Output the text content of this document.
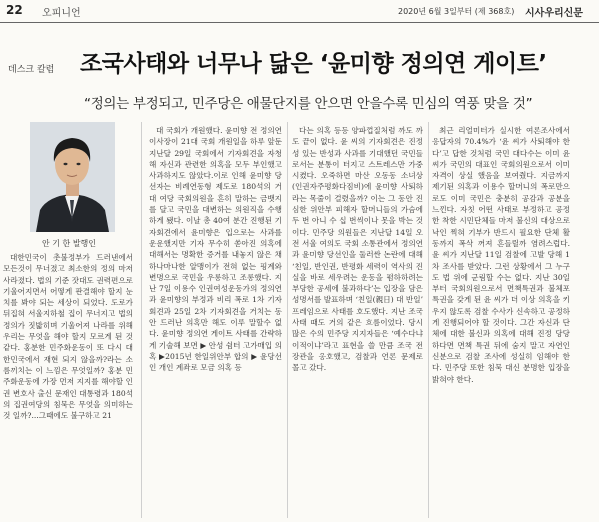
22 오피니언	2020년 6월 3일부터 (제 368호) 시사우리신문
데스크 칼럼 조국사태와 너무나 닮은 ‘윤미향 정의연 게이트’
“정의는 부정되고, 민주당은 애물단지를 안으면 안을수록 민심의 역풍 맞을 것”
안 기 한 발행인

대한민국이 촛불정부가 드러낸에서 모든것이 무너졌고 최소한의 정의 마저 사라졌다. 법의 기준 잣대도 권력편으로 기울어지면서 어떻게 판결해야 할지 눈치를 봐야 되는 세상이 되었다. 도로가 뒤집혀 서울지하철 집이 무너지고 법의 정의가 짓밟히며 기울어져 나라를 위해 우리는 무엇을 해야 할지 모르게 된 것 같다. 홍분한 민주화운동이 또 다시 대한민국에서 재현 되지 않을까?라는 소름끼치는 이 느낌은 무엇일까? 홍분 민주화운동에 가장 먼저 지지를 해야할 인권 변호사 출신 문재인 대통령과 180석의 집권여당의 침묵은 무엇을 의미하는 것 일까?...그때에도 불구하고 21

대 국회가 개원했다. 윤미향 전 정의연 이사장이 21대 국회 개원일을 하루 앞둔 지난달 29일 국회에서 기자회견을 자청해 자신과 관련한 의혹을 모두 부인했고 사과하지도 않았다.이로 인해 윤미향 당선자는 비례연동형 제도로 180석의 거대 여당 국회의원을 흔히 말하는 금뱃지를 달고 국민을 대변하는 의원직을 수행하게 됐다. 이날 총 40여 분간 진행된 기자회견에서 윤미향은 입으로는 사과를 운운했지만 기자 무수히 쏟아진 의혹에 대해서는 명확한 증거를 내놓지 않은 채 하나마나한 알맹이가 전혀 없는 핑계와 변명으로 국민을 우롱하고 조롱했다. 지난 7일 이용수 인권여성운동가의 정의연과 윤미향의 부정과 비리 폭로 1차 기자회견과 25일 2차 기자회견을 거치는 동안 드러난 의혹만 해도 이루 말할수 없다. 윤미향 정의연 게이트 사태를 간략하게 기술해 보면 ▶ 안성 쉼터 고가매입 의혹 ▶2015년 한일위안부 합의 ▶ 윤당선인 개인 계좌로 모금 의혹 등

다는 의혹 등등 양파껍질처럼 까도 까도 끝이 없다. 윤 씨의 기자회견은 진정성 있는 반성과 사과를 기대했던 국민들로서는 분통이 터지고 스트레스만 가중시켰다. 오죽하면 마산 오동동 소녀상(인권자주평화다짐비)에 윤미향 사퇴하라는 목줄이 걸렸을까? 이는 그 동안 진심한 위안부 피해자 할머니들의 가슴에 두 번 아니 수 십 번씩이나 못을 박는 것이다. 민주당 의원들은 지난달 14일 오전 서울 여의도 국회 소통관에서 정의연과 윤미향 당선인을 둘러싼 논란에 대해 ‘친일, 반인권, 반평화 세력이 역사의 진실을 바로 세우려는 운동을 폄하하려는 부당한 공세에 불과하다’는 입장을 담은 성명서를 발표하며 ‘친일(親日) 대 반일’ 프레임으로 사태를 호도했다. 지난 조국 사태 때도 거의 같은 흐름이었다. 당시 많은 수의 민주당 지지자들은 ‘예수다냐 이적이냐’라고 표현을 쓸 만큼 조국 전 장관을 옹호했고, 검찰과 언론 문제로 몰고 갔다.

최근 리얼미터가 실시한 여론조사에서 응답자의 70.4%가 ‘윤 씨가 사퇴해야 한다’고 답한 것처럼 국민 대다수는 이미 윤 씨가 국민의 대표인 국회의원으로서 이미 자격이 상실 했음을 보여줬다. 지금까지 제기된 의혹과 이용수 할머니의 폭로만으로도 이미 국민은 충분히 공감과 공분을 느낀다. 자칫 어떤 사태로 부정하고 공정한 착한 시민단체들 마저 불신의 대상으로 낙인 찍혀 기부가 반드시 필요한 단체 활동까지 폭삭 꺼져 흔들릴까 염려스럽다. 윤 씨가 지난달 11일 검찰에 고발 당해 1차 조사를 받았다. 그런 상황에서 그 누구도 법 위에 군림할 수는 없다. 지난 30일 부터 국회의원으로서 면책특권과 불체포 특권을 갖게 된 윤 씨가 더 이상 의혹을 키우지 않도록 검찰 수사가 신속하고 공정하게 진행되어야 할 것이다. 그간 자신과 단체에 대한 불신과 의혹에 대해 진정 당당하다면 면책 특권 뒤에 숨지 말고 자연인 신분으로 검찰 조사에 성실히 임해야 한다. 민주당 또한 침묵 대신 분명한 입장을 밝혀야 한다.
